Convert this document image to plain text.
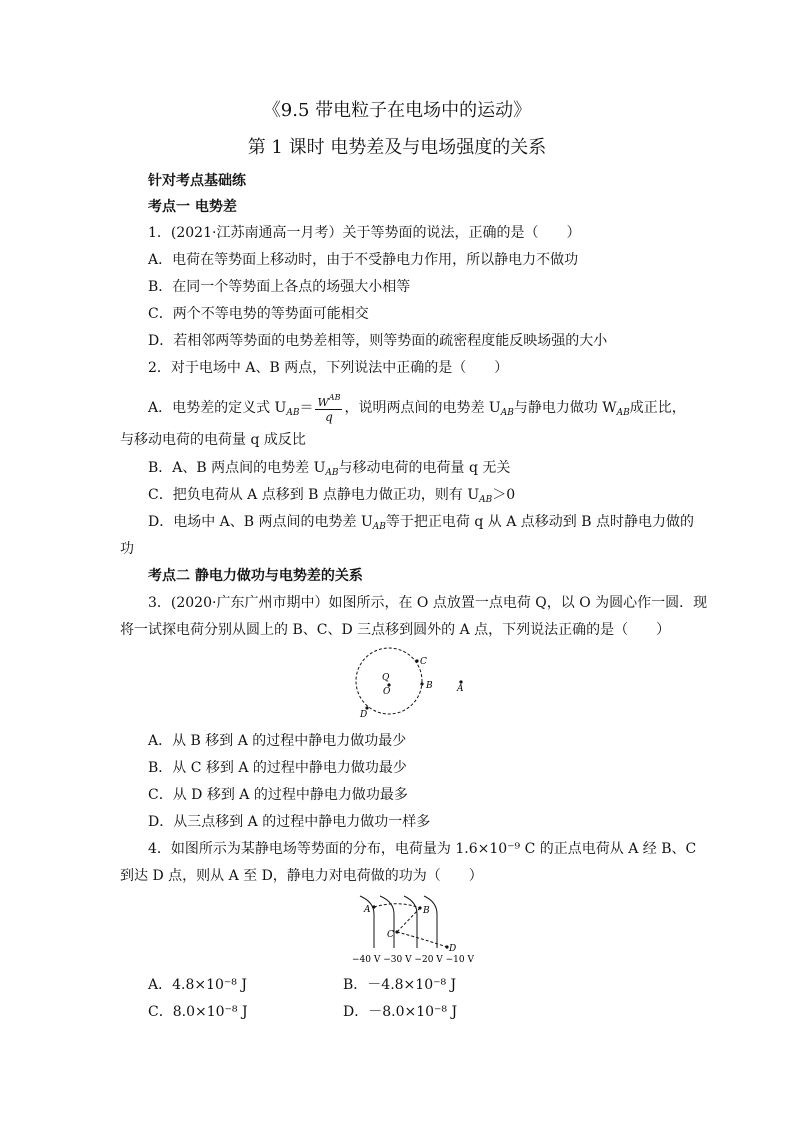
《9.5 带电粒子在电场中的运动》
第 1 课时 电势差及与电场强度的关系
针对考点基础练
考点一 电势差
1．(2021·江苏南通高一月考）关于等势面的说法，正确的是（　　）
A．电荷在等势面上移动时，由于不受静电力作用，所以静电力不做功
B．在同一个等势面上各点的场强大小相等
C．两个不等电势的等势面可能相交
D．若相邻两等势面的电势差相等，则等势面的疏密程度能反映场强的大小
2．对于电场中 A、B 两点，下列说法中正确的是（　　）
A．电势差的定义式 $U_{AB}= \frac{W^{AB}}{q}$ ，说明两点间的电势差 $U_{AB}$与静电力做功 $W_{AB}$成正比，
与移动电荷的电荷量 q 成反比
B．A、B 两点间的电势差 $U_{AB}$与移动电荷的电荷量 q 无关
C．把负电荷从 A 点移到 B 点静电力做正功，则有 $U_{AB}>0$
D．电场中 A、B 两点间的电势差 $U_{AB}$等于把正电荷 q 从 A 点移动到 B 点时静电力做的
功
考点二 静电力做功与电势差的关系
3．(2020·广东广州市期中）如图所示，在 O 点放置一点电荷 Q，以 O 为圆心作一圆．现
将一试探电荷分别从圆上的 B、C、D 三点移到圆外的 A 点，下列说法正确的是（　　）
C
Q
O
B	A
D
A．从 B 移到 A 的过程中静电力做功最少
B．从 C 移到 A 的过程中静电力做功最少
C．从 D 移到 A 的过程中静电力做功最多
D．从三点移到 A 的过程中静电力做功一样多
4．如图所示为某静电场等势面的分布，电荷量为 1.6×10⁻⁹ C 的正点电荷从 A 经 B、C
到达 D 点，则从 A 至 D，静电力对电荷做的功为（　　）
A	B
C
D
−40 V −30 V −20 V −10 V
A．4.8×10⁻⁸ J	B．－4.8×10⁻⁸ J
C．8.0×10⁻⁸ J	D．－8.0×10⁻⁸ J
